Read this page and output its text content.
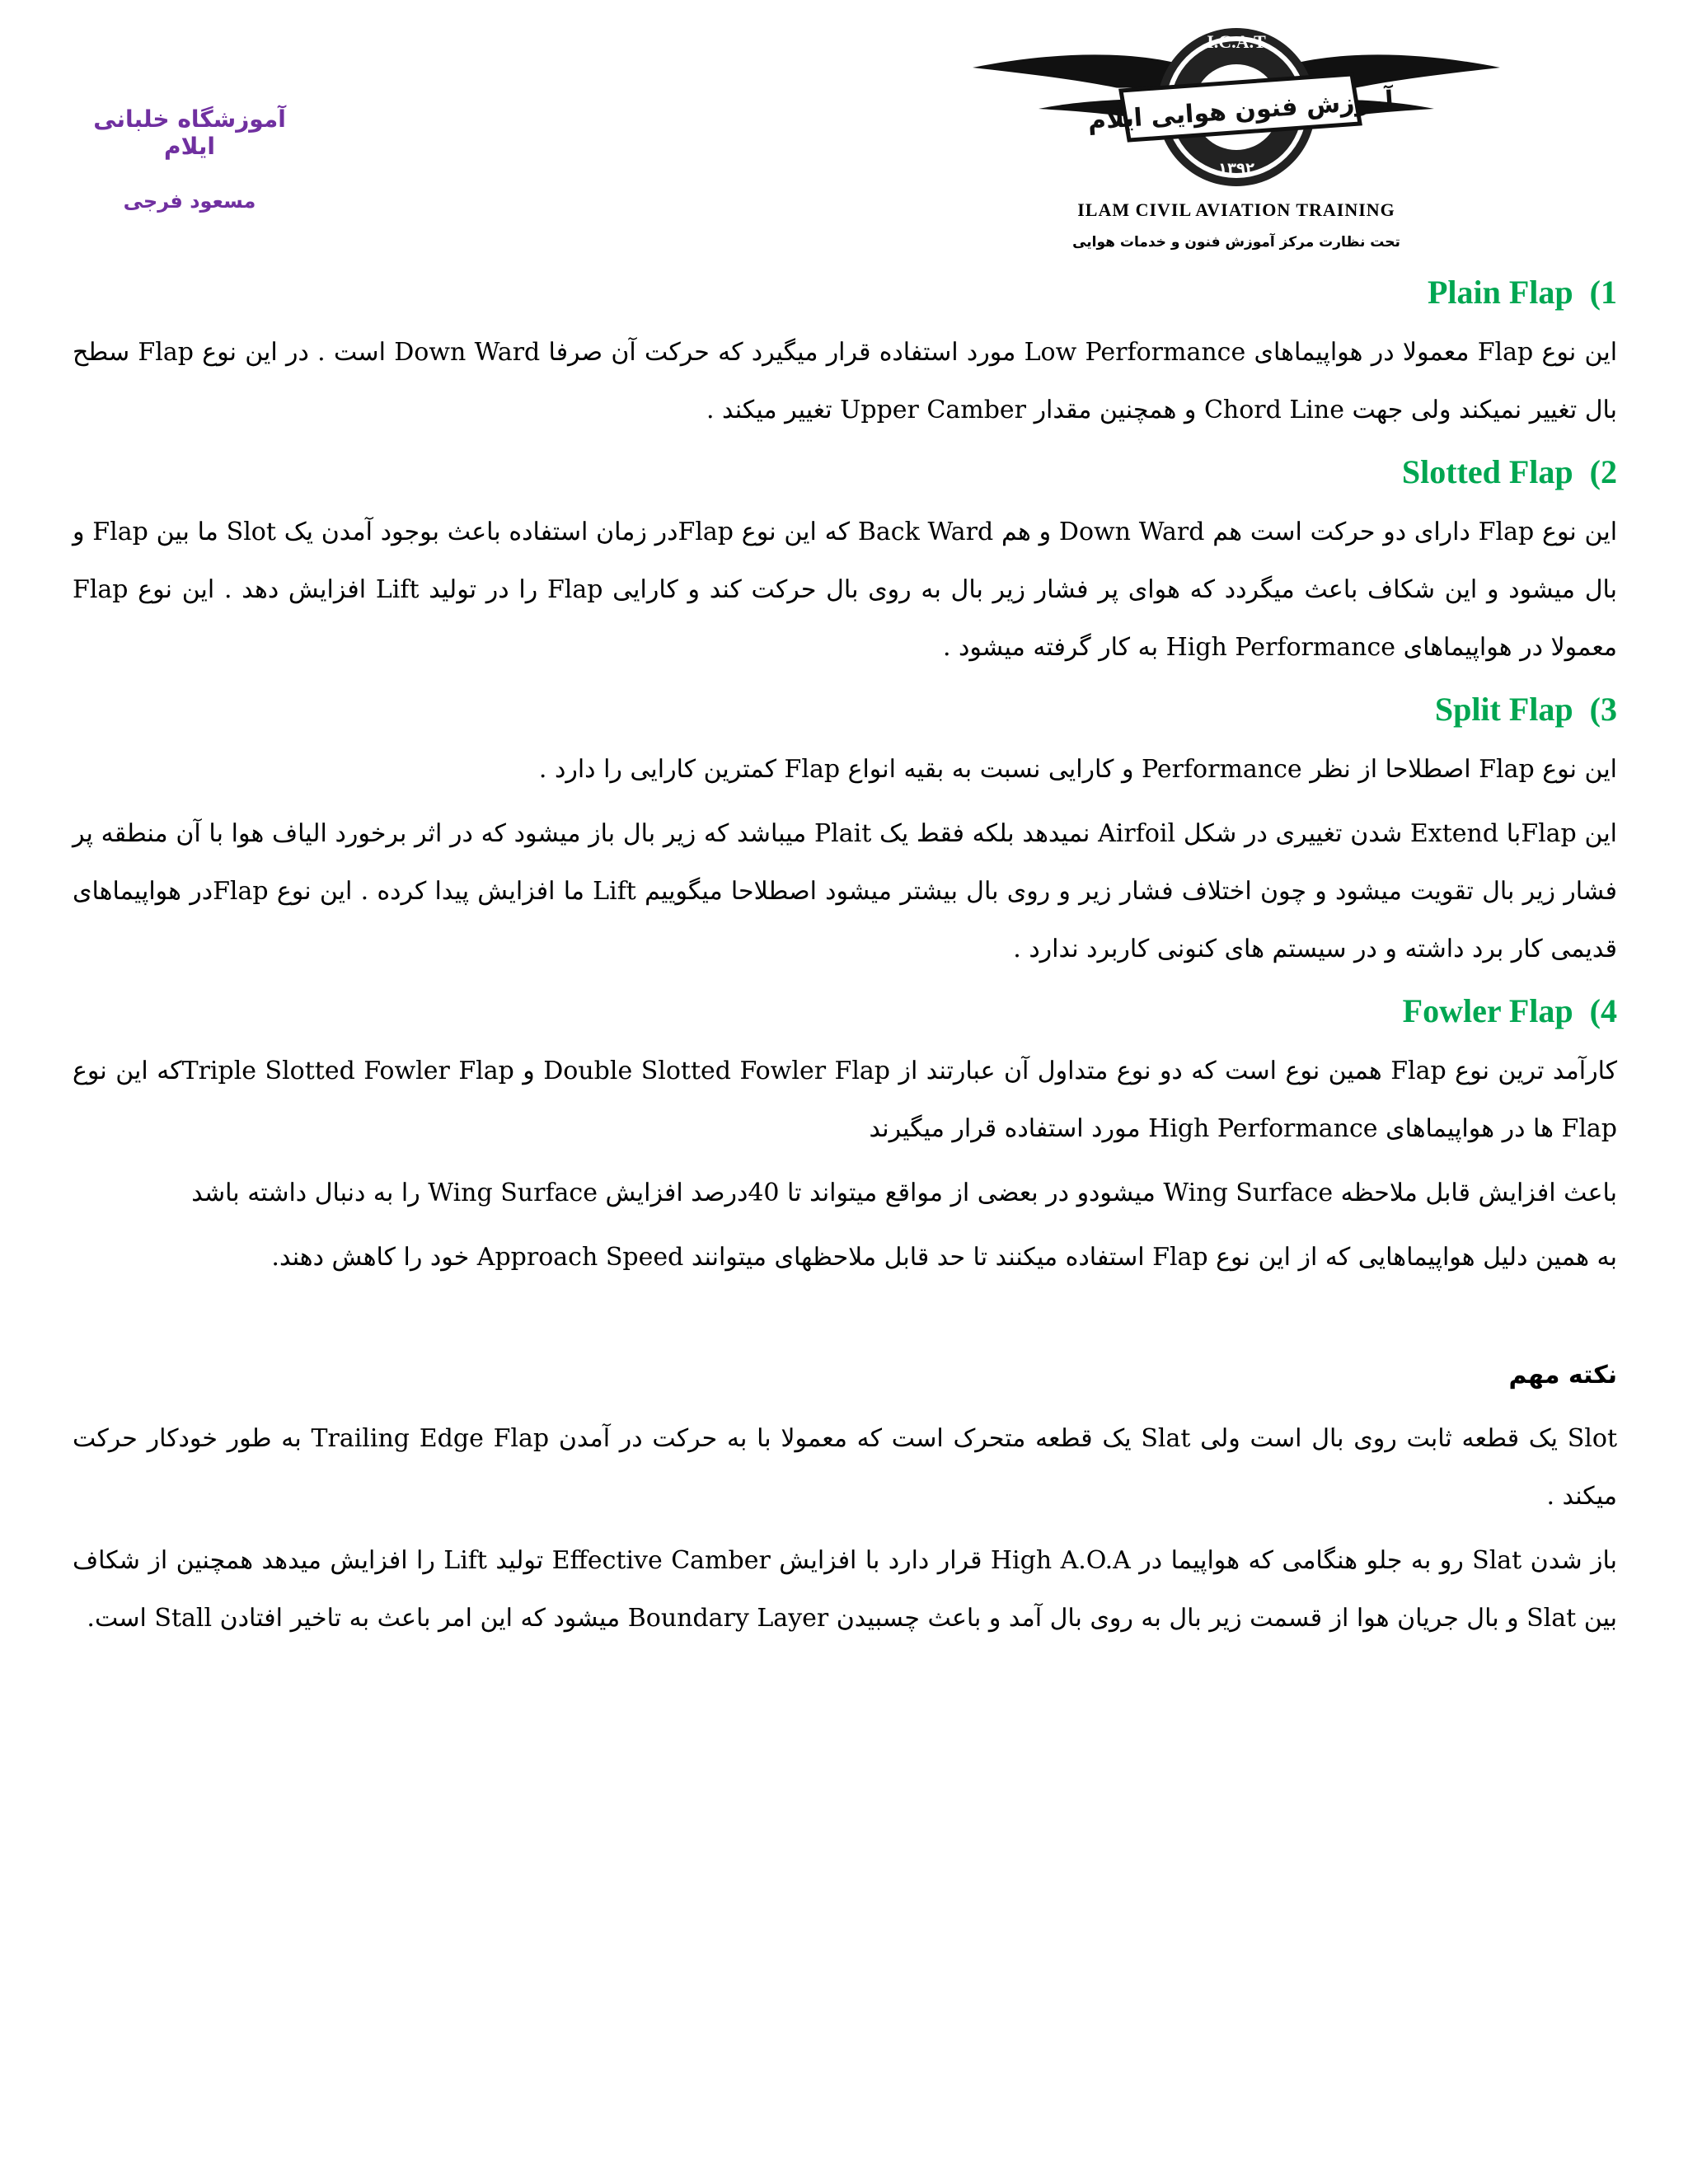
آموزشگاه خلبانی ایلام
مسعود فرجی
I.C.A.T
آموزش فنون هوایی ایلام
۱۳۹۲
ILAM CIVIL AVIATION TRAINING
تحت نظارت مرکز آموزش فنون و خدمات هوایی
1)  Plain Flap

این نوع Flap معمولا در هواپیماهای Low Performance مورد استفاده قرار میگیرد که حرکت آن صرفا Down Ward است . در این نوع Flap سطح بال تغییر نمیکند ولی جهت Chord Line و همچنین مقدار Upper Camber تغییر میکند .

2)  Slotted Flap

این نوع Flap دارای دو حرکت است هم Down Ward و هم Back Ward که این نوع Flapدر زمان استفاده باعث بوجود آمدن یک Slot ما بین Flap و بال میشود و این شکاف باعث میگردد که هوای پر فشار زیر بال به روی بال حرکت کند و کارایی Flap را در تولید Lift افزایش دهد . این نوع Flap معمولا در هواپیماهای High Performance به کار گرفته میشود .

3)  Split Flap

این نوع Flap اصطلاحا از نظر Performance و کارایی نسبت به بقیه انواع Flap کمترین کارایی را دارد .

این Flapبا Extend شدن تغییری در شکل Airfoil نمیدهد بلکه فقط یک Plait میباشد که زیر بال باز میشود که در اثر برخورد الیاف هوا با آن منطقه پر فشار زیر بال تقویت میشود و چون اختلاف فشار زیر و روی بال بیشتر میشود اصطلاحا میگوییم Lift ما افزایش پیدا کرده . این نوع Flapدر هواپیماهای قدیمی کار برد داشته و در سیستم های کنونی کاربرد ندارد .

4)  Fowler Flap

کارآمد ترین نوع Flap همین نوع است که دو نوع متداول آن عبارتند از Double Slotted Fowler Flap و Triple Slotted Fowler Flapکه این نوع Flap ها در هواپیماهای High Performance مورد استفاده قرار میگیرند

باعث افزایش قابل ملاحظه Wing Surface میشودو در بعضی از مواقع میتواند تا 40درصد افزایش Wing Surface را به دنبال داشته باشد

به همین دلیل هواپیماهایی که از این نوع Flap استفاده میکنند تا حد قابل ملاحظهای میتوانند Approach Speed خود را کاهش دهند.

نکته مهم

Slot یک قطعه ثابت روی بال است ولی Slat یک قطعه متحرک است که معمولا با به حرکت در آمدن Trailing Edge Flap به طور خودکار حرکت میکند .

باز شدن Slat رو به جلو هنگامی که هواپیما در High A.O.A قرار دارد با افزایش Effective Camber تولید Lift را افزایش میدهد همچنین از شکاف بین Slat و بال جریان هوا از قسمت زیر بال به روی بال آمد و باعث چسبیدن Boundary Layer میشود که این امر باعث به تاخیر افتادن Stall است.
